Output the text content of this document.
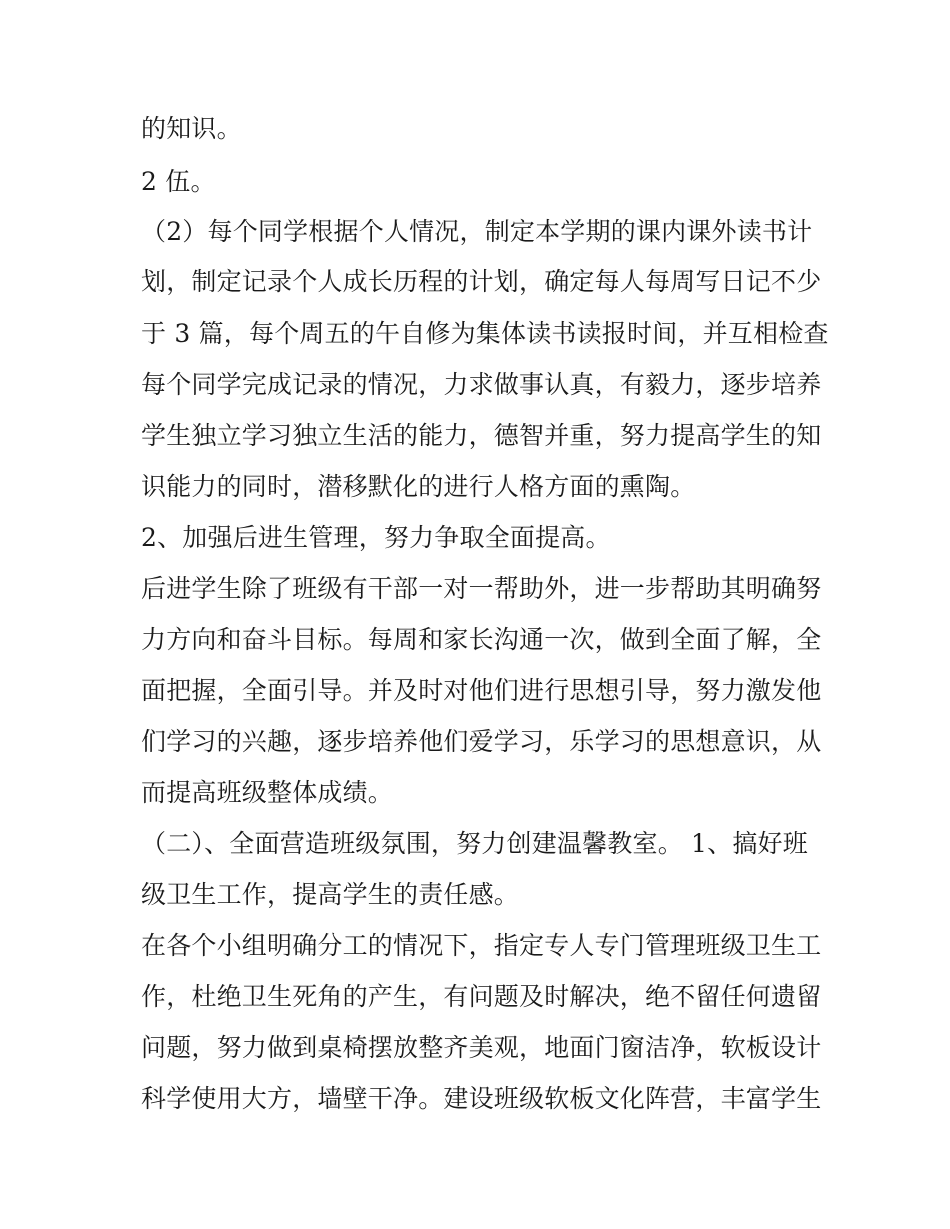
的知识。
2 伍。
（2）每个同学根据个人情况，制定本学期的课内课外读书计
划，制定记录个人成长历程的计划，确定每人每周写日记不少
于 3 篇，每个周五的午自修为集体读书读报时间，并互相检查
每个同学完成记录的情况，力求做事认真，有毅力，逐步培养
学生独立学习独立生活的能力，德智并重，努力提高学生的知
识能力的同时，潜移默化的进行人格方面的熏陶。
2、加强后进生管理，努力争取全面提高。
后进学生除了班级有干部一对一帮助外，进一步帮助其明确努
力方向和奋斗目标。每周和家长沟通一次，做到全面了解，全
面把握，全面引导。并及时对他们进行思想引导，努力激发他
们学习的兴趣，逐步培养他们爱学习，乐学习的思想意识，从
而提高班级整体成绩。
（二）、全面营造班级氛围，努力创建温馨教室。 1、搞好班
级卫生工作，提高学生的责任感。
在各个小组明确分工的情况下，指定专人专门管理班级卫生工
作，杜绝卫生死角的产生，有问题及时解决，绝不留任何遗留
问题，努力做到桌椅摆放整齐美观，地面门窗洁净，软板设计
科学使用大方，墙壁干净。建设班级软板文化阵营，丰富学生
